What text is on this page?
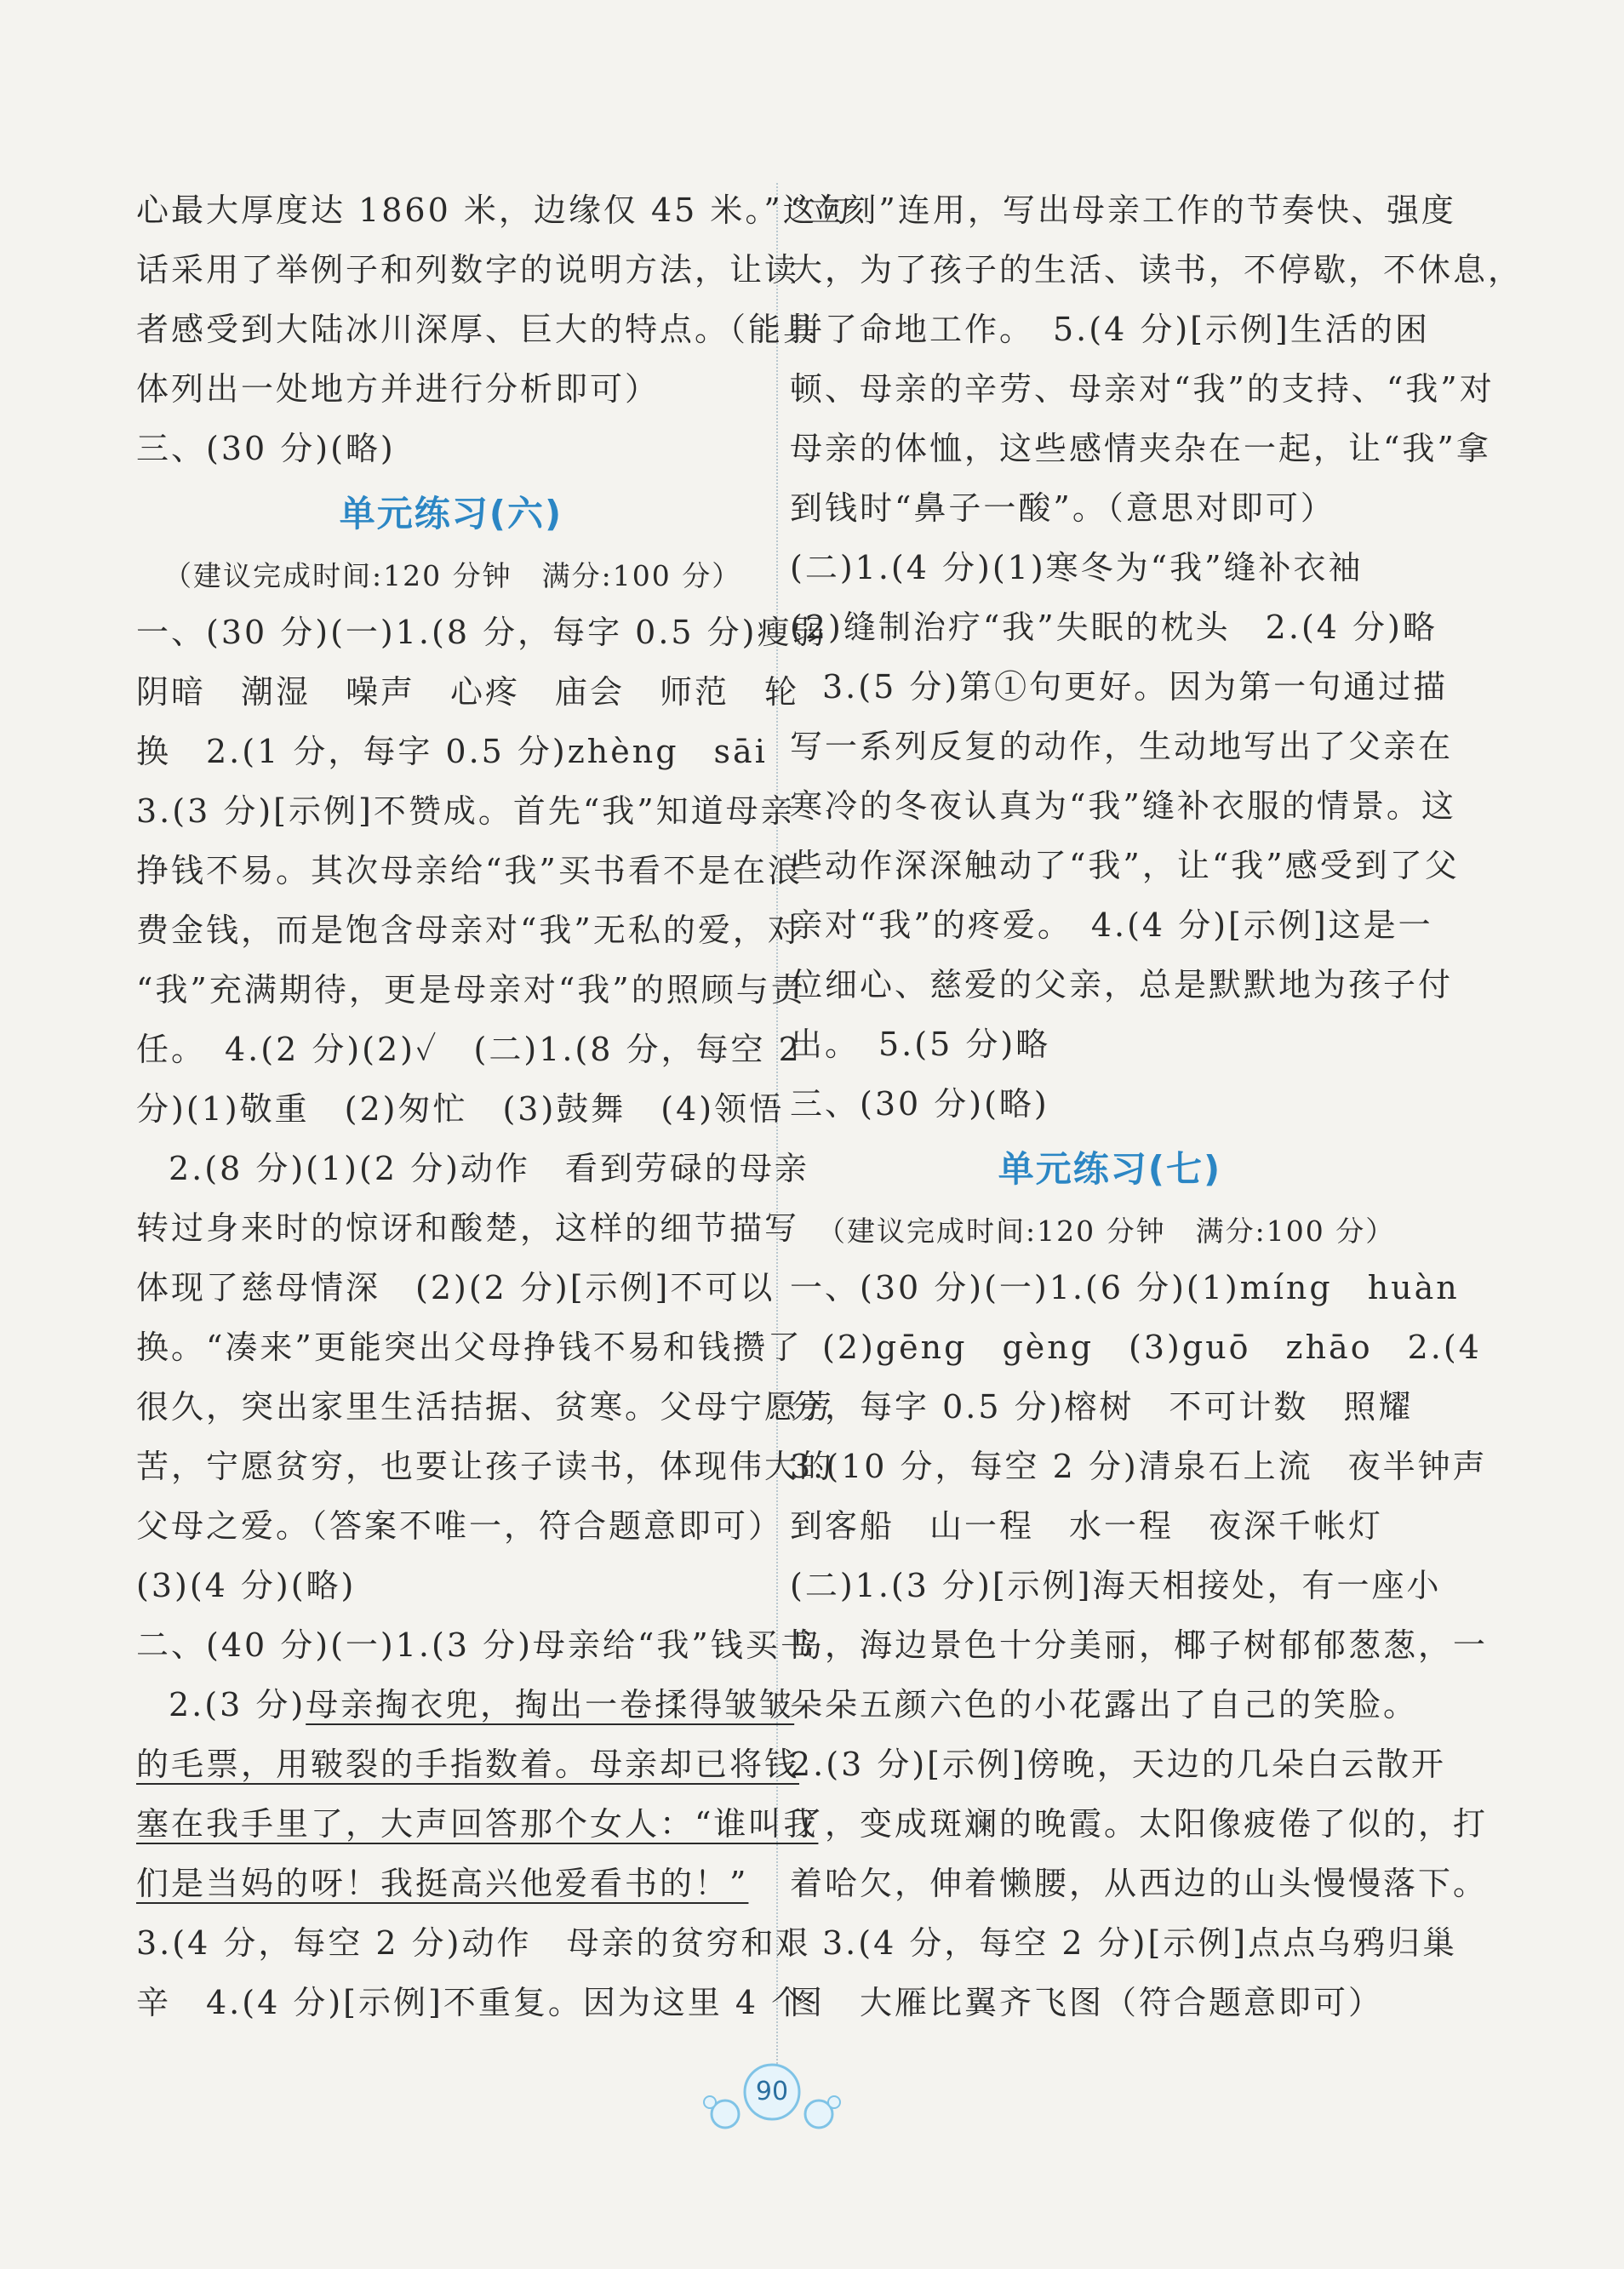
心最大厚度达 1860 米，边缘仅 45 米。”这句
话采用了举例子和列数字的说明方法，让读
者感受到大陆冰川深厚、巨大的特点。（能具
体列出一处地方并进行分析即可）
三、(30 分)(略)
单元练习(六)
（建议完成时间:120 分钟　满分:100 分）
一、(30 分)(一)1.(8 分，每字 0.5 分)瘦弱
阴暗　潮湿　噪声　心疼　庙会　师范　轮
换　2.(1 分，每字 0.5 分)zhèng　sāi
3.(3 分)[示例]不赞成。首先“我”知道母亲
挣钱不易。其次母亲给“我”买书看不是在浪
费金钱，而是饱含母亲对“我”无私的爱，对
“我”充满期待，更是母亲对“我”的照顾与责
任。　4.(2 分)(2)✓　(二)1.(8 分，每空 2
分)(1)敬重　(2)匆忙　(3)鼓舞　(4)领悟
2.(8 分)(1)(2 分)动作　看到劳碌的母亲
转过身来时的惊讶和酸楚，这样的细节描写
体现了慈母情深　(2)(2 分)[示例]不可以
换。“凑来”更能突出父母挣钱不易和钱攒了
很久，突出家里生活拮据、贫寒。父母宁愿劳
苦，宁愿贫穷，也要让孩子读书，体现伟大的
父母之爱。（答案不唯一，符合题意即可）
(3)(4 分)(略)
二、(40 分)(一)1.(3 分)母亲给“我”钱买书
2.(3 分)母亲掏衣兜，掏出一卷揉得皱皱
的毛票，用皲裂的手指数着。母亲却已将钱
塞在我手里了，大声回答那个女人：“谁叫我
们是当妈的呀！我挺高兴他爱看书的！”
3.(4 分，每空 2 分)动作　母亲的贫穷和艰
辛　4.(4 分)[示例]不重复。因为这里 4 个
“立刻”连用，写出母亲工作的节奏快、强度
大，为了孩子的生活、读书，不停歇，不休息，
拼了命地工作。　5.(4 分)[示例]生活的困
顿、母亲的辛劳、母亲对“我”的支持、“我”对
母亲的体恤，这些感情夹杂在一起，让“我”拿
到钱时“鼻子一酸”。（意思对即可）
(二)1.(4 分)(1)寒冬为“我”缝补衣袖
(2)缝制治疗“我”失眠的枕头　2.(4 分)略
3.(5 分)第①句更好。因为第一句通过描
写一系列反复的动作，生动地写出了父亲在
寒冷的冬夜认真为“我”缝补衣服的情景。这
些动作深深触动了“我”，让“我”感受到了父
亲对“我”的疼爱。　4.(4 分)[示例]这是一
位细心、慈爱的父亲，总是默默地为孩子付
出。　5.(5 分)略
三、(30 分)(略)
单元练习(七)
（建议完成时间:120 分钟　满分:100 分）
一、(30 分)(一)1.(6 分)(1)míng　huàn
(2)gēng　gèng　(3)guō　zhāo　2.(4
分，每字 0.5 分)榕树　不可计数　照耀
3.(10 分，每空 2 分)清泉石上流　夜半钟声
到客船　山一程　水一程　夜深千帐灯
(二)1.(3 分)[示例]海天相接处，有一座小
岛，海边景色十分美丽，椰子树郁郁葱葱，一
朵朵五颜六色的小花露出了自己的笑脸。
2.(3 分)[示例]傍晚，天边的几朵白云散开
了，变成斑斓的晚霞。太阳像疲倦了似的，打
着哈欠，伸着懒腰，从西边的山头慢慢落下。
3.(4 分，每空 2 分)[示例]点点乌鸦归巢
图　大雁比翼齐飞图（符合题意即可）
90
